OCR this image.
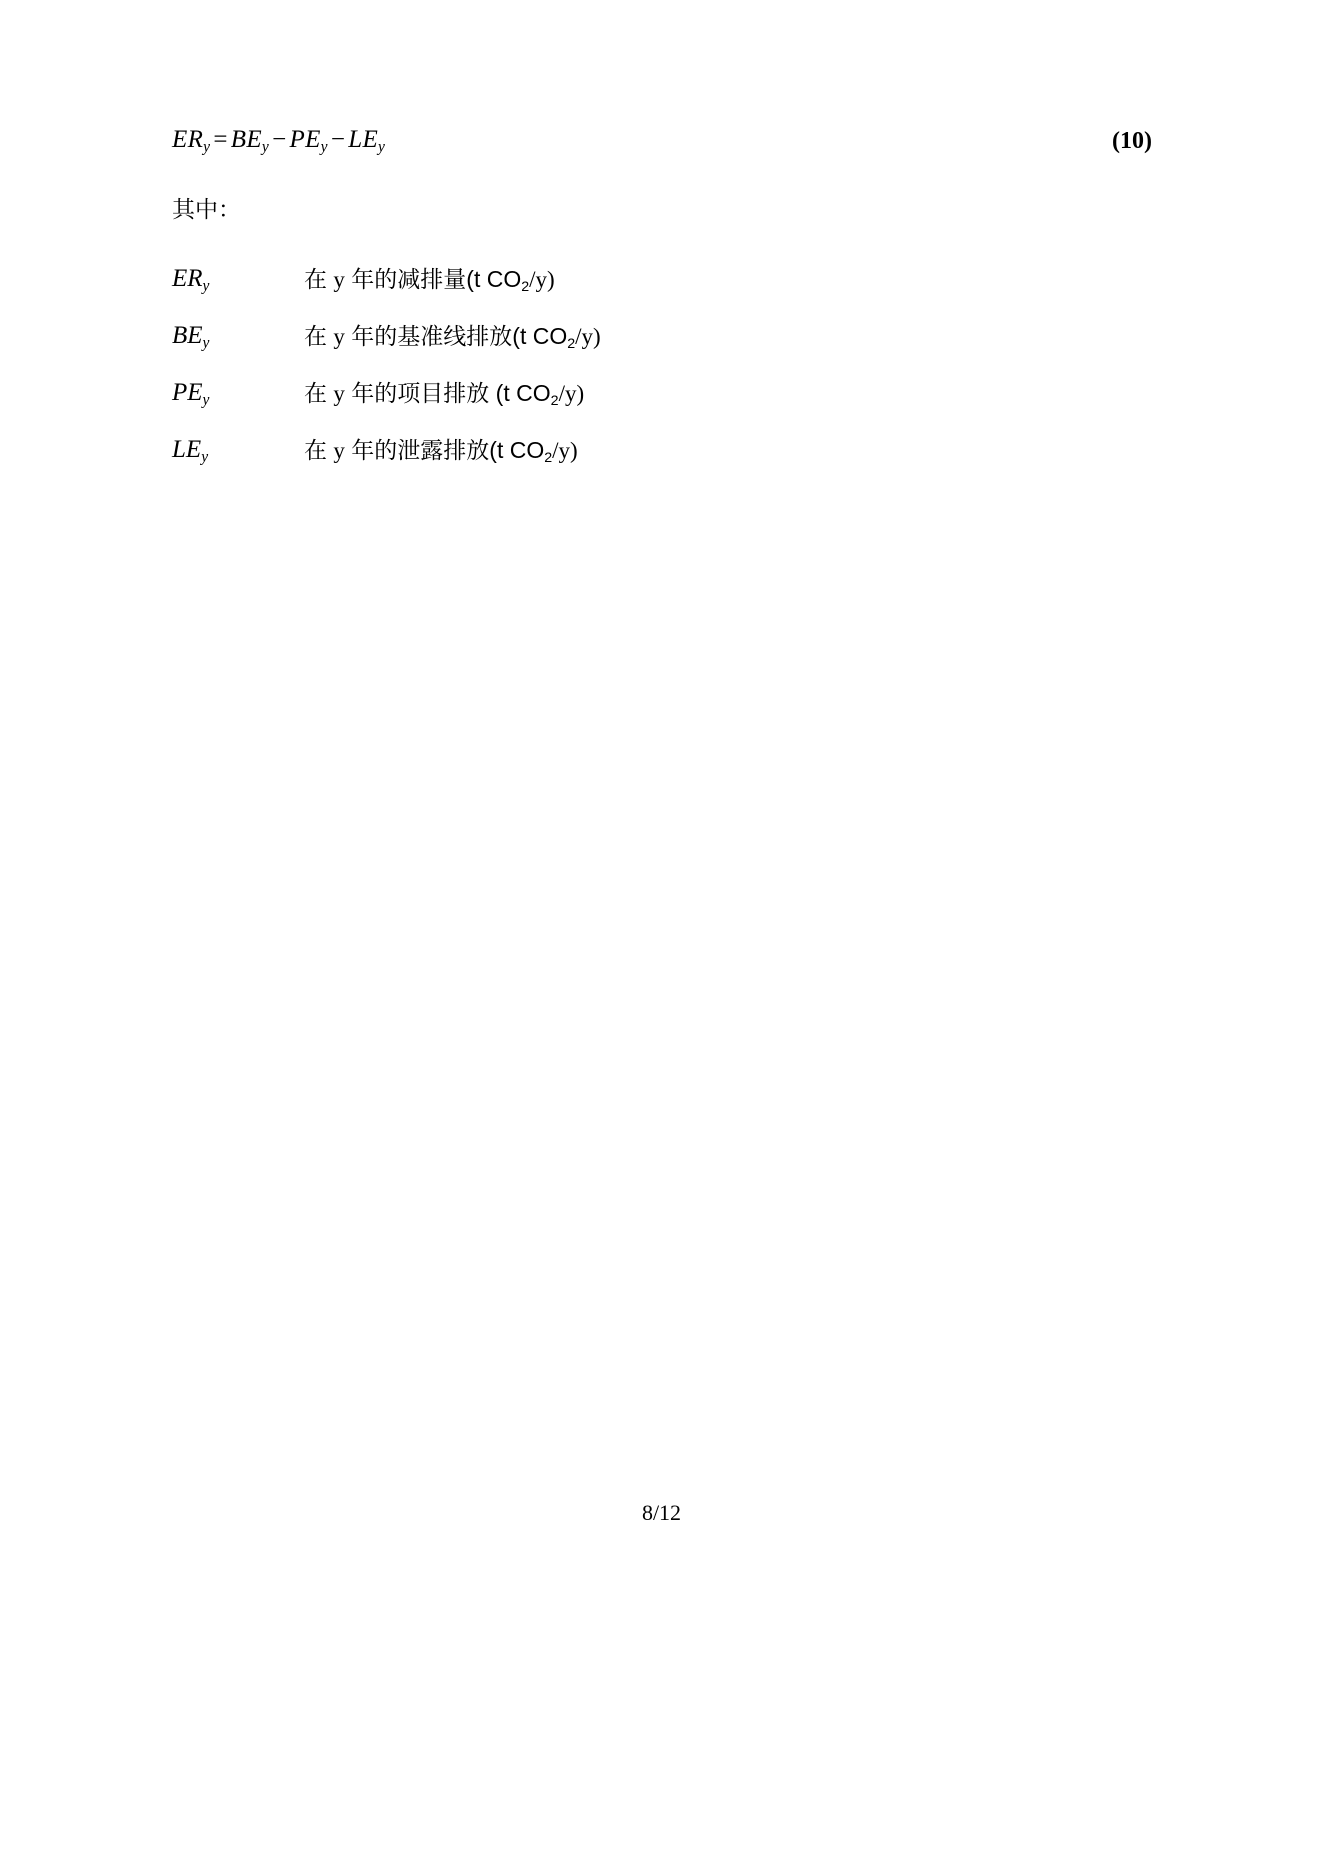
$ER_y = BE_y - PE_y - LE_y$	(10)
其中：
$ER_y$	在 y 年的减排量(t CO2/y)
$BE_y$	在 y 年的基准线排放(t CO2/y)
$PE_y$	在 y 年的项目排放 (t CO2/y)
$LE_y$	在 y 年的泄露排放(t CO2/y)
8/12
